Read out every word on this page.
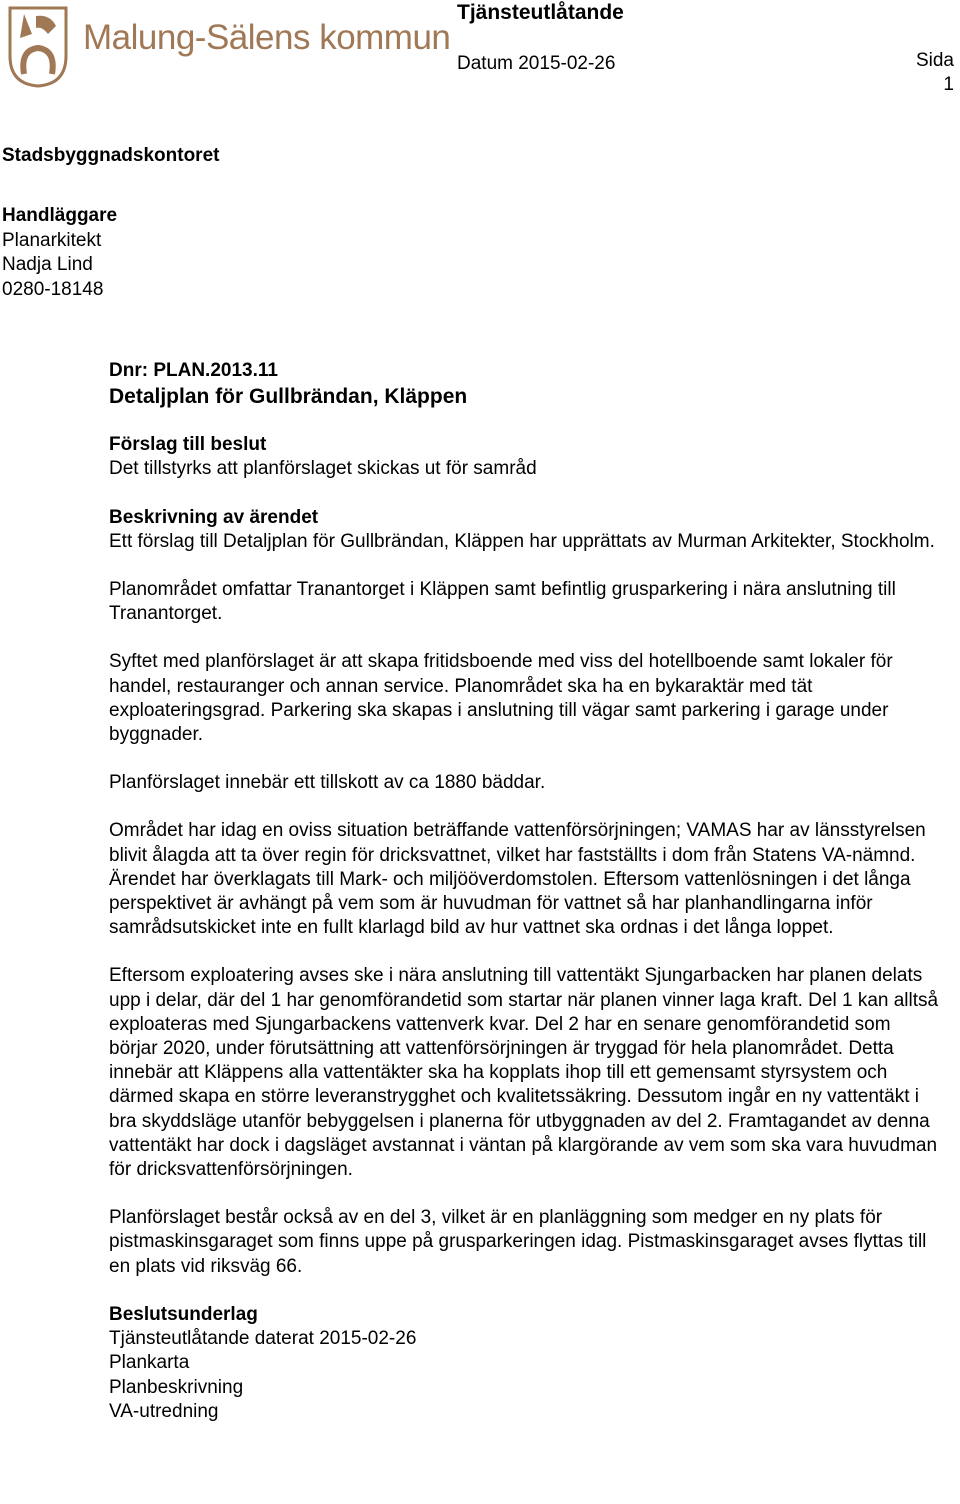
Malung-Sälens kommun
Tjänsteutlåtande
Datum 2015-02-26	Sida
1
Stadsbyggnadskontoret
Handläggare
Planarkitekt
Nadja Lind
0280-18148
Dnr: PLAN.2013.11
Detaljplan för Gullbrändan, Kläppen
Förslag till beslut

Det tillstyrks att planförslaget skickas ut för samråd

Beskrivning av ärendet

Ett förslag till Detaljplan för Gullbrändan, Kläppen har upprättats av Murman Arkitekter, Stockholm.

Planområdet omfattar Tranantorget i Kläppen samt befintlig grusparkering i nära anslutning till Tranantorget.

Syftet med planförslaget är att skapa fritidsboende med viss del hotellboende samt lokaler för handel, restauranger och annan service. Planområdet ska ha en bykaraktär med tät exploateringsgrad. Parkering ska skapas i anslutning till vägar samt parkering i garage under byggnader.

Planförslaget innebär ett tillskott av ca 1880 bäddar.

Området har idag en oviss situation beträffande vattenförsörjningen; VAMAS har av länsstyrelsen blivit ålagda att ta över regin för dricksvattnet, vilket har fastställts i dom från Statens VA-nämnd. Ärendet har överklagats till Mark- och miljööverdomstolen. Eftersom vattenlösningen i det långa perspektivet är avhängt på vem som är huvudman för vattnet så har planhandlingarna inför samrådsutskicket inte en fullt klarlagd bild av hur vattnet ska ordnas i det långa loppet.

Eftersom exploatering avses ske i nära anslutning till vattentäkt Sjungarbacken har planen delats upp i delar, där del 1 har genomförandetid som startar när planen vinner laga kraft. Del 1 kan alltså exploateras med Sjungarbackens vattenverk kvar. Del 2 har en senare genomförandetid som börjar 2020, under förutsättning att vattenförsörjningen är tryggad för hela planområdet. Detta innebär att Kläppens alla vattentäkter ska ha kopplats ihop till ett gemensamt styrsystem och därmed skapa en större leveranstrygghet och kvalitetssäkring. Dessutom ingår en ny vattentäkt i bra skyddsläge utanför bebyggelsen i planerna för utbyggnaden av del 2. Framtagandet av denna vattentäkt har dock i dagsläget avstannat i väntan på klargörande av vem som ska vara huvudman för dricksvattenförsörjningen.

Planförslaget består också av en del 3, vilket är en planläggning som medger en ny plats för pistmaskinsgaraget som finns uppe på grusparkeringen idag. Pistmaskinsgaraget avses flyttas till en plats vid riksväg 66.

Beslutsunderlag
Tjänsteutlåtande daterat 2015-02-26
Plankarta
Planbeskrivning
VA-utredning
